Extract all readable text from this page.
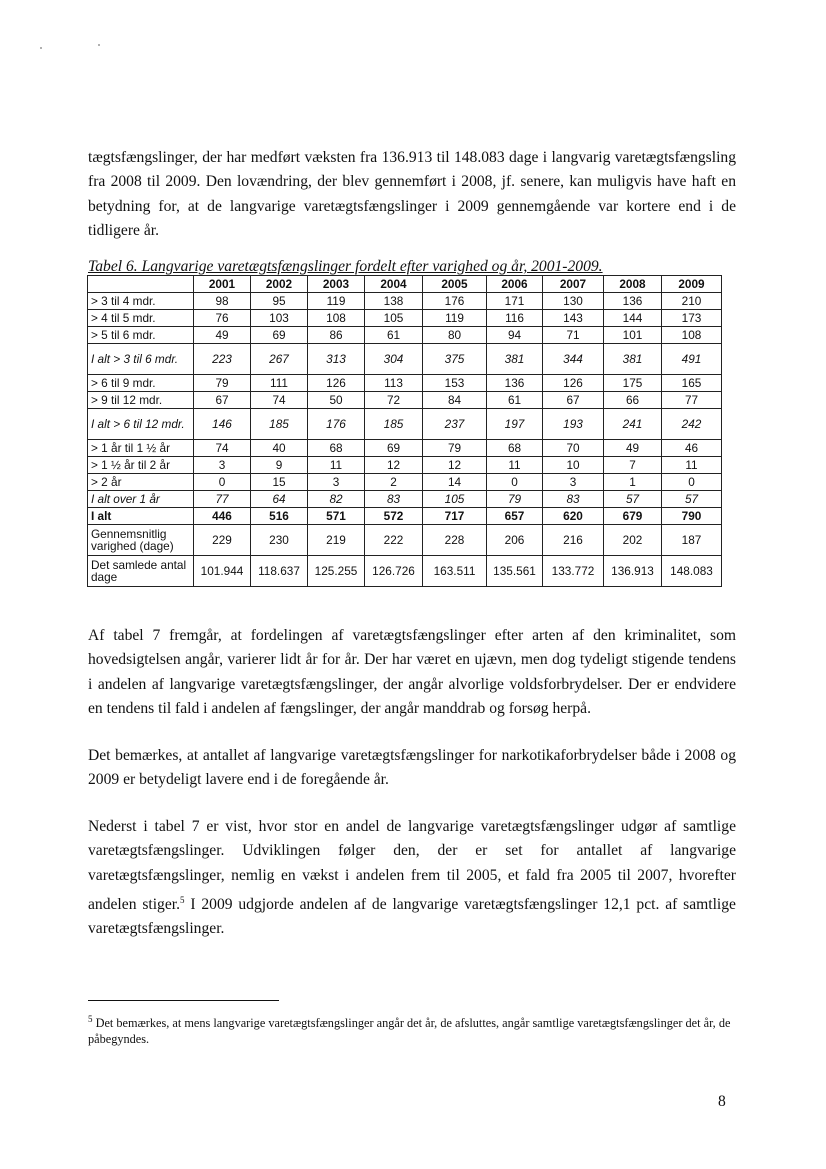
tægtsfængslinger, der har medført væksten fra 136.913 til 148.083 dage i langvarig varetægtsfængsling fra 2008 til 2009. Den lovændring, der blev gennemført i 2008, jf. senere, kan muligvis have haft en betydning for, at de langvarige varetægtsfængslinger i 2009 gennemgående var kortere end i de tidligere år.

Tabel 6. Langvarige varetægtsfængslinger fordelt efter varighed og år, 2001-2009.

	2001	2002	2003	2004	2005	2006	2007	2008	2009
> 3 til 4 mdr.	98	95	119	138	176	171	130	136	210
> 4 til 5 mdr.	76	103	108	105	119	116	143	144	173
> 5 til 6 mdr.	49	69	86	61	80	94	71	101	108
I alt > 3 til 6 mdr.	223	267	313	304	375	381	344	381	491
> 6 til 9 mdr.	79	111	126	113	153	136	126	175	165
> 9 til 12 mdr.	67	74	50	72	84	61	67	66	77
I alt > 6 til 12 mdr.	146	185	176	185	237	197	193	241	242
> 1 år til 1 ½ år	74	40	68	69	79	68	70	49	46
> 1 ½ år til 2 år	3	9	11	12	12	11	10	7	11
> 2 år	0	15	3	2	14	0	3	1	0
I alt over 1 år	77	64	82	83	105	79	83	57	57
I alt	446	516	571	572	717	657	620	679	790
Gennemsnitlig varighed (dage)	229	230	219	222	228	206	216	202	187
Det samlede antal dage	101.944	118.637	125.255	126.726	163.511	135.561	133.772	136.913	148.083

Af tabel 7 fremgår, at fordelingen af varetægtsfængslinger efter arten af den kriminalitet, som hovedsigtelsen angår, varierer lidt år for år. Der har været en ujævn, men dog tydeligt stigende tendens i andelen af langvarige varetægtsfængslinger, der angår alvorlige voldsforbrydelser. Der er endvidere en tendens til fald i andelen af fængslinger, der angår manddrab og forsøg herpå.

Det bemærkes, at antallet af langvarige varetægtsfængslinger for narkotikaforbrydelser både i 2008 og 2009 er betydeligt lavere end i de foregående år.

Nederst i tabel 7 er vist, hvor stor en andel de langvarige varetægtsfængslinger udgør af samtlige varetægtsfængslinger. Udviklingen følger den, der er set for antallet af langvarige varetægtsfængslinger, nemlig en vækst i andelen frem til 2005, et fald fra 2005 til 2007, hvorefter andelen stiger.$^5$ I 2009 udgjorde andelen af de langvarige varetægtsfængslinger 12,1 pct. af samtlige varetægtsfængslinger.

$^5$ Det bemærkes, at mens langvarige varetægtsfængslinger angår det år, de afsluttes, angår samtlige varetægtsfængslinger det år, de påbegyndes.

8
